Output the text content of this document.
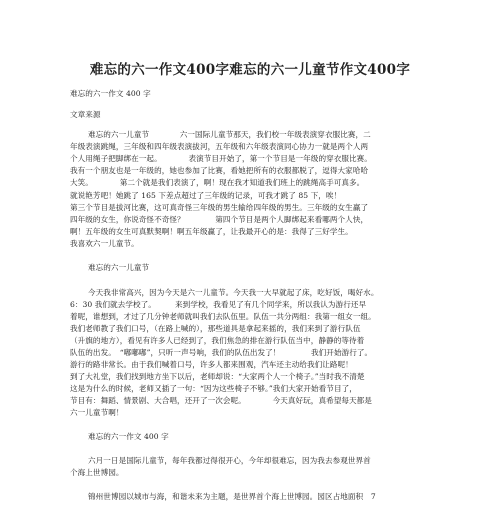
难忘的六一作文400字难忘的六一儿童节作文400字
难忘的六一作文 400 字
文章来源
难忘的六一儿童节　　　　六一国际儿童节那天，我们校一年级表演穿衣服比赛，二
年级表演跳绳，三年级和四年级表演拔河，五年级和六年级表演同心协力一就是两个人两
个人用绳子把脚绑在一起。　　　　表演节目开始了，第一个节目是一年级的穿衣服比赛。
我有一个朋友也是一年级的，她也参加了比赛，看她把所有的衣服都脱了，逗得大家哈哈
大笑。　　　　第二个就是我们表演了，啊！现在我才知道我们班上的跳绳高手可真多。
就说艳芳吧！她跳了 165 下差点超过了三年级的记录，可我才跳了 85 下，唉！
第三个节目是拔河比赛，这可真奇怪三年级的男生输给四年级的男生。三年级的女生赢了
四年级的女生，你说奇怪不奇怪？　　　　第四个节目是两个人脚绑起来看哪两个人快，
啊！五年级的女生可真默契啊！啊五年级赢了，让我最开心的是：我得了三好学生。
我喜欢六一儿童节。
难忘的六一儿童节
今天我非常高兴，因为今天是六一儿童节。今天我一大早就起了床，吃好饭，喝好水。
6：30 我们就去学校了。　　　来到学校，我看见了有几个同学来，所以我认为游行还早
着呢，谁想到，才过了几分钟老师就叫我们去队伍里。队伍一共分两组：我第一组女一组。
我们老师教了我们口号，（在路上喊的），那些道具是拿起来摇的，我们来到了游行队伍
（升旗的地方），看见有许多人已经到了，我们焦急的排在游行队伍当中，静静的等待着
队伍的出发。　“嘟嘟嘟”，只听一声号响，我们的队伍出发了！　　　　我们开始游行了。
游行的路非常长。由于我们喊着口号，许多人都来围观，汽车还主动给我们让路呢！
到了大礼堂，我们找到地方坐下以后，老师却说：“大家两个人一个椅子。”当时我不清楚
这是为什么的时候，老师又插了一句：“因为这些椅子不够。”我们大家开始看节目了，
节目有：舞蹈、情景剧、大合唱，还开了一次会呢。　　　　今天真好玩，真希望每天都是
六一儿童节啊！
难忘的六一作文 400 字
六月一日是国际儿童节，每年我都过得很开心，今年却很难忘，因为我去参观世界首
个海上世博园。
锦州世博园以城市与海，和谐未来为主题，是世界首个海上世博园。园区占地面积　7
